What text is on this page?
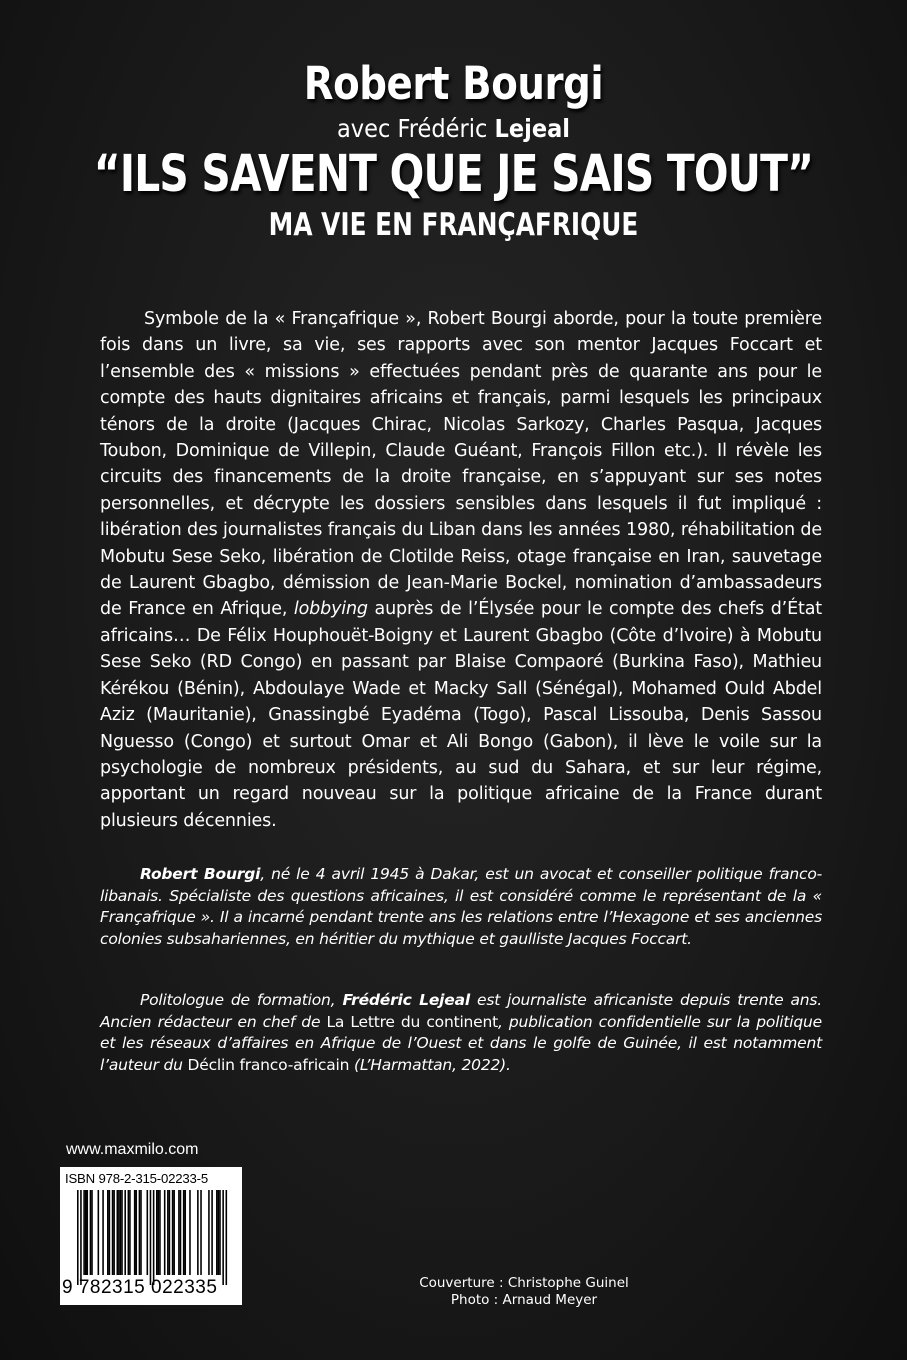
Robert Bourgi
avec Frédéric Lejeal
“ILS SAVENT QUE JE SAIS TOUT”
MA VIE EN FRANÇAFRIQUE
Symbole de la « Françafrique », Robert Bourgi aborde, pour la toute première fois dans un livre, sa vie, ses rapports avec son mentor Jacques Foccart et l’ensemble des « missions » effectuées pendant près de quarante ans pour le compte des hauts dignitaires africains et français, parmi lesquels les principaux ténors de la droite (Jacques Chirac, Nicolas Sarkozy, Charles Pasqua, Jacques Toubon, Dominique de Villepin, Claude Guéant, François Fillon etc.). Il révèle les circuits des financements de la droite française, en s’appuyant sur ses notes personnelles, et décrypte les dossiers sensibles dans lesquels il fut impliqué : libération des journalistes français du Liban dans les années 1980, réhabilitation de Mobutu Sese Seko, libération de Clotilde Reiss, otage française en Iran, sauvetage de Laurent Gbagbo, démission de Jean-Marie Bockel, nomination d’ambassadeurs de France en Afrique, lobbying auprès de l’Élysée pour le compte des chefs d’État africains… De Félix Houphouët-Boigny et Laurent Gbagbo (Côte d’Ivoire) à Mobutu Sese Seko (RD Congo) en passant par Blaise Compaoré (Burkina Faso), Mathieu Kérékou (Bénin), Abdoulaye Wade et Macky Sall (Sénégal), Mohamed Ould Abdel Aziz (Mauritanie), Gnassingbé Eyadéma (Togo), Pascal Lissouba, Denis Sassou Nguesso (Congo) et surtout Omar et Ali Bongo (Gabon), il lève le voile sur la psychologie de nombreux présidents, au sud du Sahara, et sur leur régime, apportant un regard nouveau sur la politique africaine de la France durant plusieurs décennies.
Robert Bourgi, né le 4 avril 1945 à Dakar, est un avocat et conseiller politique franco-libanais. Spécialiste des questions africaines, il est considéré comme le représentant de la « Françafrique ». Il a incarné pendant trente ans les relations entre l’Hexagone et ses anciennes colonies subsahariennes, en héritier du mythique et gaulliste Jacques Foccart.
Politologue de formation, Frédéric Lejeal est journaliste africaniste depuis trente ans. Ancien rédacteur en chef de La Lettre du continent, publication confidentielle sur la politique et les réseaux d’affaires en Afrique de l’Ouest et dans le golfe de Guinée, il est notamment l’auteur du Déclin franco-africain (L’Harmattan, 2022).
www.maxmilo.com
ISBN 978-2-315-02233-5
9 782315 022335	Couverture : Christophe Guinel
Photo : Arnaud Meyer
